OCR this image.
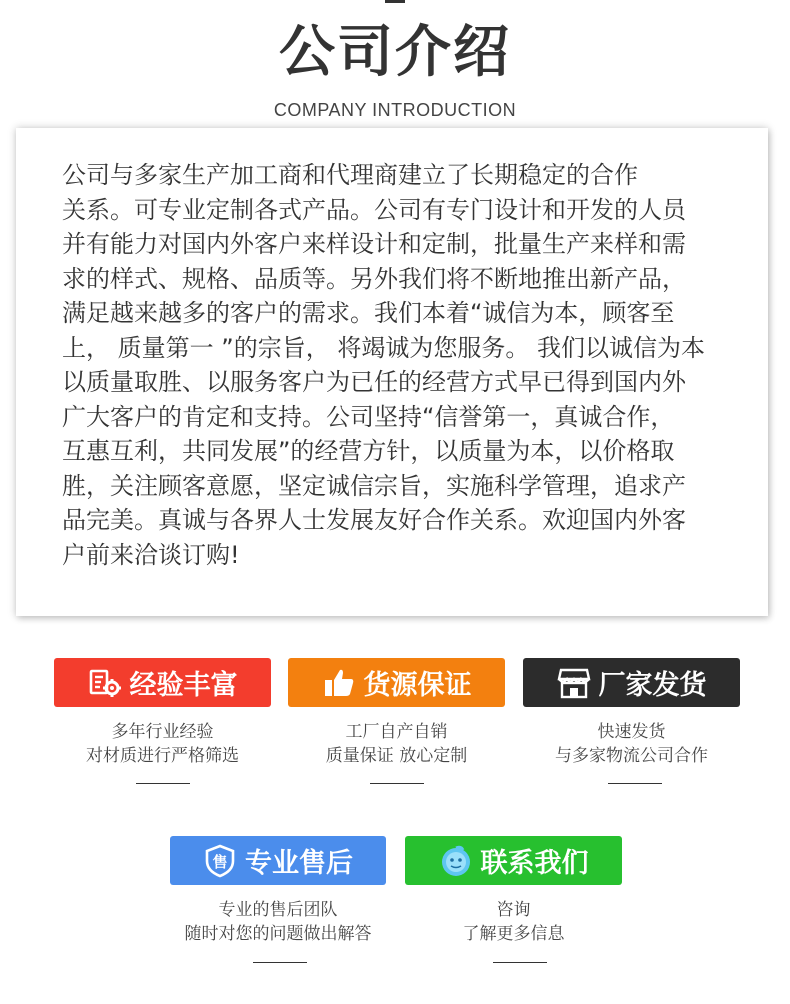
公司介绍
COMPANY INTRODUCTION
公司与多家生产加工商和代理商建立了长期稳定的合作
关系。可专业定制各式产品。公司有专门设计和开发的人员
并有能力对国内外客户来样设计和定制，批量生产来样和需
求的样式、规格、品质等。另外我们将不断地推出新产品，
满足越来越多的客户的需求。我们本着“诚信为本，顾客至
上， 质量第一 ”的宗旨， 将竭诚为您服务。 我们以诚信为本
以质量取胜、以服务客户为已任的经营方式早已得到国内外
广大客户的肯定和支持。公司坚持“信誉第一，真诚合作，
互惠互利，共同发展”的经营方针，以质量为本，以价格取
胜，关注顾客意愿，坚定诚信宗旨，实施科学管理，追求产
品完美。真诚与各界人士发展友好合作关系。欢迎国内外客
户前来洽谈订购!
经验丰富
多年行业经验
对材质进行严格筛选
货源保证
工厂自产自销
质量保证 放心定制
厂家发货
快速发货
与多家物流公司合作
售 专业售后
专业的售后团队
随时对您的问题做出解答
联系我们
咨询
了解更多信息
